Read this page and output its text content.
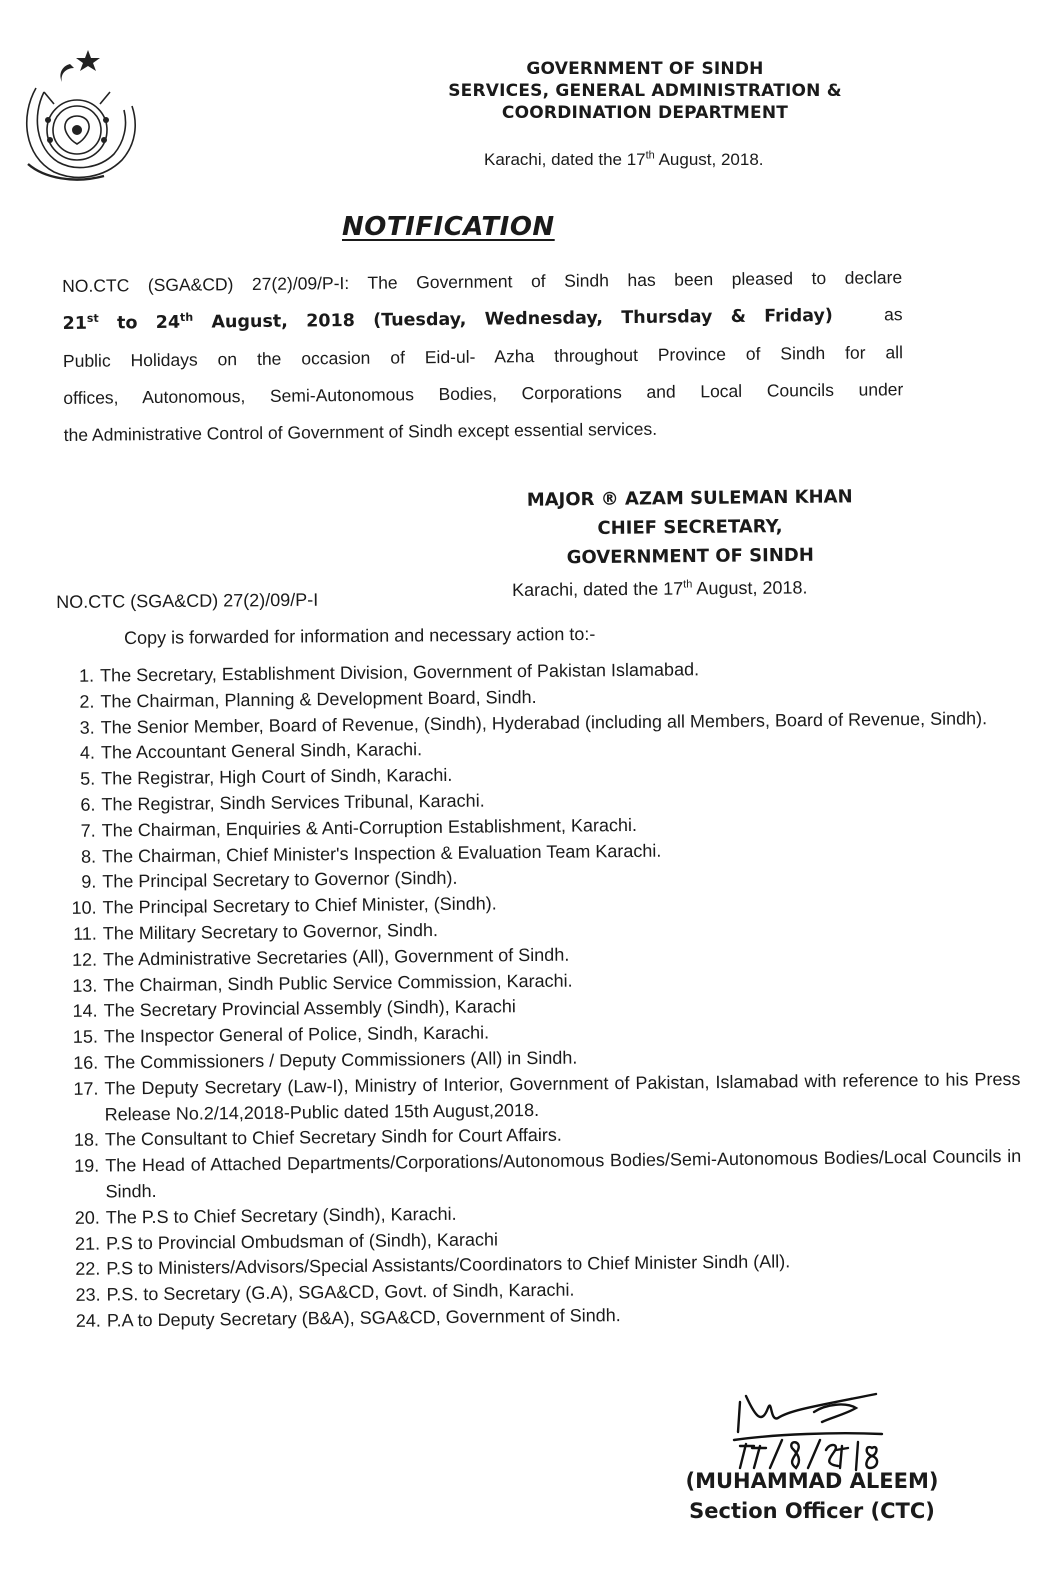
GOVERNMENT OF SINDH
SERVICES, GENERAL ADMINISTRATION &
COORDINATION DEPARTMENT
Karachi, dated the 17th August, 2018.
NOTIFICATION
NO.CTC (SGA&CD) 27(2)/09/P-I: The Government of Sindh has been pleased to declare
21st to 24th August, 2018 (Tuesday, Wednesday, Thursday & Friday)	as
Public Holidays on the occasion of Eid-ul- Azha throughout Province of Sindh for all
offices, Autonomous, Semi-Autonomous Bodies, Corporations and Local Councils under
the Administrative Control of Government of Sindh except essential services.
MAJOR ® AZAM SULEMAN KHAN
CHIEF SECRETARY,
GOVERNMENT OF SINDH
NO.CTC (SGA&CD) 27(2)/09/P-I
Karachi, dated the 17th August, 2018.
Copy is forwarded for information and necessary action to:-
1. The Secretary, Establishment Division, Government of Pakistan Islamabad.
2. The Chairman, Planning & Development Board, Sindh.
3. The Senior Member, Board of Revenue, (Sindh), Hyderabad (including all Members, Board of Revenue, Sindh).
4. The Accountant General Sindh, Karachi.
5. The Registrar, High Court of Sindh, Karachi.
6. The Registrar, Sindh Services Tribunal, Karachi.
7. The Chairman, Enquiries & Anti-Corruption Establishment, Karachi.
8. The Chairman, Chief Minister's Inspection & Evaluation Team Karachi.
9. The Principal Secretary to Governor (Sindh).
10. The Principal Secretary to Chief Minister, (Sindh).
11. The Military Secretary to Governor, Sindh.
12. The Administrative Secretaries (All), Government of Sindh.
13. The Chairman, Sindh Public Service Commission, Karachi.
14. The Secretary Provincial Assembly (Sindh), Karachi
15. The Inspector General of Police, Sindh, Karachi.
16. The Commissioners / Deputy Commissioners (All) in Sindh.
17. The Deputy Secretary (Law-I), Ministry of Interior, Government of Pakistan, Islamabad with reference to his Press Release No.2/14,2018-Public dated 15th August,2018.
18. The Consultant to Chief Secretary Sindh for Court Affairs.
19. The Head of Attached Departments/Corporations/Autonomous Bodies/Semi-Autonomous Bodies/Local Councils in Sindh.
20. The P.S to Chief Secretary (Sindh), Karachi.
21. P.S to Provincial Ombudsman of (Sindh), Karachi
22. P.S to Ministers/Advisors/Special Assistants/Coordinators to Chief Minister Sindh (All).
23. P.S. to Secretary (G.A), SGA&CD, Govt. of Sindh, Karachi.
24. P.A to Deputy Secretary (B&A), SGA&CD, Government of Sindh.
(MUHAMMAD ALEEM)
Section Officer (CTC)
